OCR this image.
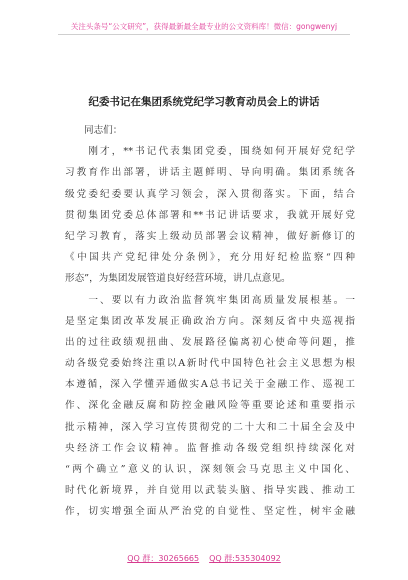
关注头条号“公文研究”，获得最新最全最专业的公文资料库！微信：gongwenyj
纪委书记在集团系统党纪学习教育动员会上的讲话
同志们：
　　刚才，**书记代表集团党委，围绕如何开展好党纪学
习教育作出部署，讲话主题鲜明、导向明确。集团系统各
级党委纪委要认真学习领会，深入贯彻落实。下面，结合
贯彻集团党委总体部署和**书记讲话要求，我就开展好党
纪学习教育，落实上级动员部署会议精神，做好新修订的
《中国共产党纪律处分条例》，充分用好纪检监察“四种
形态”，为集团发展管道良好经营环境，讲几点意见。
　　一、要以有力政治监督筑牢集团高质量发展根基。一
是坚定集团改革发展正确政治方向。深刻反省中央巡视指
出的过往政绩观扭曲、发展路径偏离初心使命等问题，推
动各级党委始终注重以A新时代中国特色社会主义思想为根
本遵循，深入学懂弄通做实A总书记关于金融工作、巡视工
作、深化金融反腐和防控金融风险等重要论述和重要指示
批示精神，深入学习宣传贯彻党的二十大和二十届全会及中
央经济工作会议精神。监督推动各级党组织持续深化对
“两个确立”意义的认识，深刻领会马克思主义中国化、
时代化新境界，并自觉用以武装头脑、指导实践、推动工
作，切实增强全面从严治党的自觉性、坚定性，树牢金融
QQ 群：30265665 QQ 群:535304092
